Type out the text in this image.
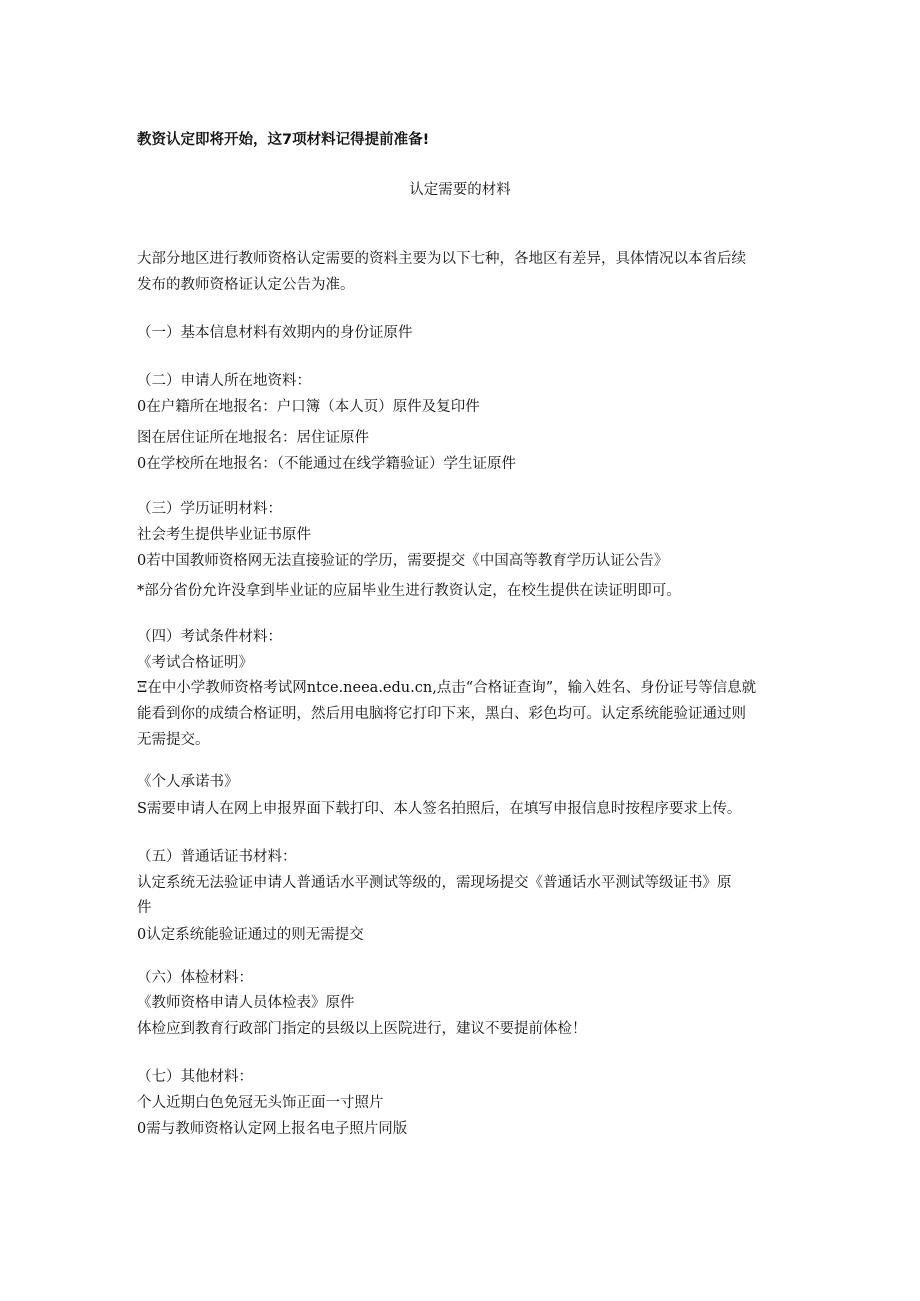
教资认定即将开始，这7项材料记得提前准备!
认定需要的材料
大部分地区进行教师资格认定需要的资料主要为以下七种，各地区有差异，具体情况以本省后续
发布的教师资格证认定公告为准。
（一）基本信息材料有效期内的身份证原件
（二）申请人所在地资料：
0在户籍所在地报名：户口簿（本人页）原件及复印件
图在居住证所在地报名：居住证原件
0在学校所在地报名：（不能通过在线学籍验证）学生证原件
（三）学历证明材料：
社会考生提供毕业证书原件
0若中国教师资格网无法直接验证的学历，需要提交《中国高等教育学历认证公告》
*部分省份允许没拿到毕业证的应届毕业生进行教资认定，在校生提供在读证明即可。
（四）考试条件材料：
《考试合格证明》
Ξ在中小学教师资格考试网ntce.neea.edu.cn,点击“合格证查询”，输入姓名、身份证号等信息就
能看到你的成绩合格证明，然后用电脑将它打印下来，黑白、彩色均可。认定系统能验证通过则
无需提交。
《个人承诺书》
S需要申请人在网上申报界面下载打印、本人签名拍照后，在填写申报信息时按程序要求上传。
（五）普通话证书材料：
认定系统无法验证申请人普通话水平测试等级的，需现场提交《普通话水平测试等级证书》原
件
0认定系统能验证通过的则无需提交
（六）体检材料：
《教师资格申请人员体检表》原件
体检应到教育行政部门指定的县级以上医院进行，建议不要提前体检！
（七）其他材料：
个人近期白色免冠无头饰正面一寸照片
0需与教师资格认定网上报名电子照片同版
